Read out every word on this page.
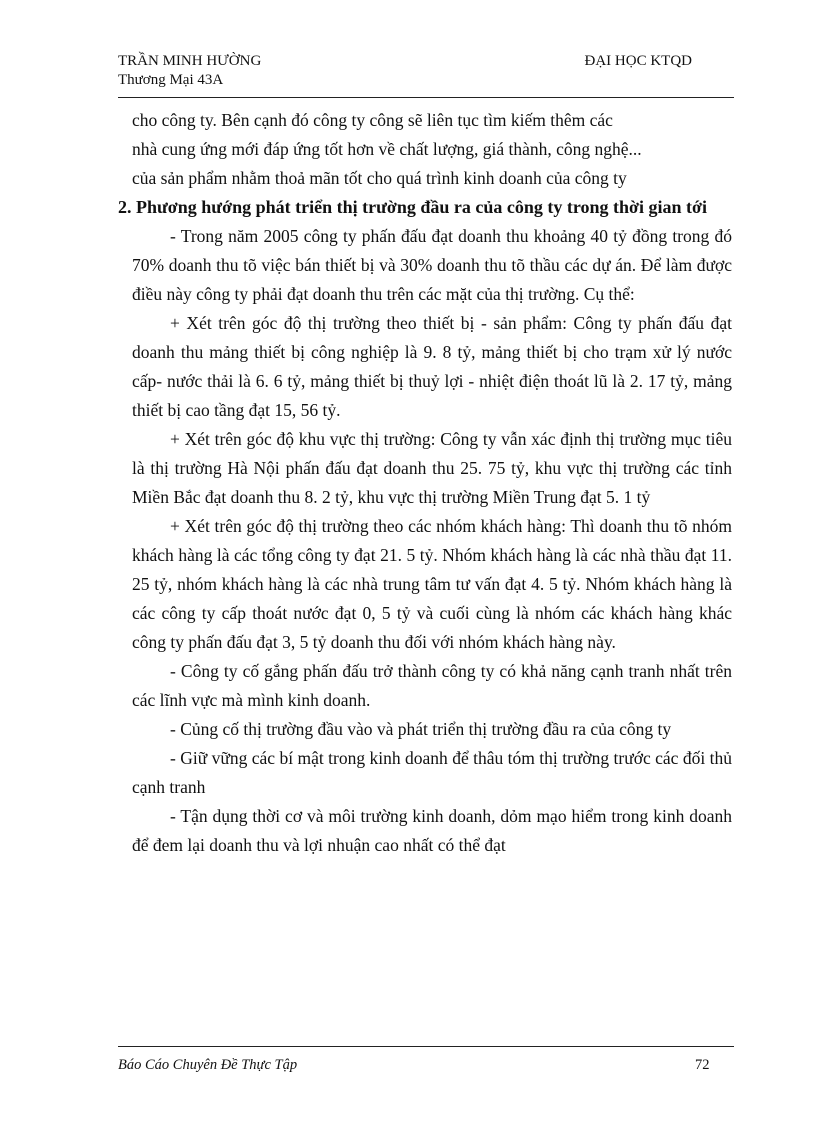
TRẦN MINH HƯỜNG
Thương Mại 43A
ĐẠI HỌC KTQD

cho công ty. Bên cạnh đó công ty công sẽ liên tục tìm kiếm thêm các
nhà cung ứng mới đáp ứng tốt hơn về chất lượng, giá thành, công nghệ...
của sản phẩm nhằm thoả mãn tốt cho quá trình kinh doanh của công ty

2. Phương hướng phát triển thị trường đầu ra của công ty trong thời gian tới

- Trong năm 2005 công ty phấn đấu đạt doanh thu khoảng 40 tỷ đồng trong đó 70% doanh thu tõ việc bán thiết bị và 30% doanh thu tõ thầu các dự án. Để làm được điều này công ty phải đạt doanh thu trên các mặt của thị trường. Cụ thể:

+ Xét trên góc độ thị trường theo thiết bị - sản phẩm: Công ty phấn đấu đạt doanh thu mảng thiết bị công nghiệp là 9. 8 tỷ, mảng thiết bị cho trạm xử lý nước cấp- nước thải là 6. 6 tỷ, mảng thiết bị thuỷ lợi - nhiệt điện thoát lũ là 2. 17 tỷ, mảng thiết bị cao tầng đạt 15, 56 tỷ.

+ Xét trên góc độ khu vực thị trường: Công ty vẫn xác định thị trường mục tiêu là thị trường Hà Nội phấn đấu đạt doanh thu 25. 75 tỷ, khu vực thị trường các tỉnh Miền Bắc đạt doanh thu 8. 2 tỷ, khu vực thị trường Miền Trung đạt 5. 1 tỷ

+ Xét trên góc độ thị trường theo các nhóm khách hàng: Thì doanh thu tõ nhóm khách hàng là các tổng công ty đạt 21. 5 tỷ. Nhóm khách hàng là các nhà thầu đạt 11. 25 tỷ, nhóm khách hàng là các nhà trung tâm tư vấn đạt 4. 5 tỷ. Nhóm khách hàng là các công ty cấp thoát nước đạt 0, 5 tỷ và cuối cùng là nhóm các khách hàng khác công ty phấn đấu đạt 3, 5 tỷ doanh thu đối với nhóm khách hàng này.

- Công ty cố gắng phấn đấu trở thành công ty có khả năng cạnh tranh nhất trên các lĩnh vực mà mình kinh doanh.

- Củng cố thị trường đầu vào và phát triển thị trường đầu ra của công ty

- Giữ vững các bí mật trong kinh doanh để thâu tóm thị trường trước các đối thủ cạnh tranh

- Tận dụng thời cơ và môi trường kinh doanh, dỏm mạo hiểm trong kinh doanh để đem lại doanh thu và lợi nhuận cao nhất có thể đạt

Báo Cáo Chuyên Đề Thực Tập	72
